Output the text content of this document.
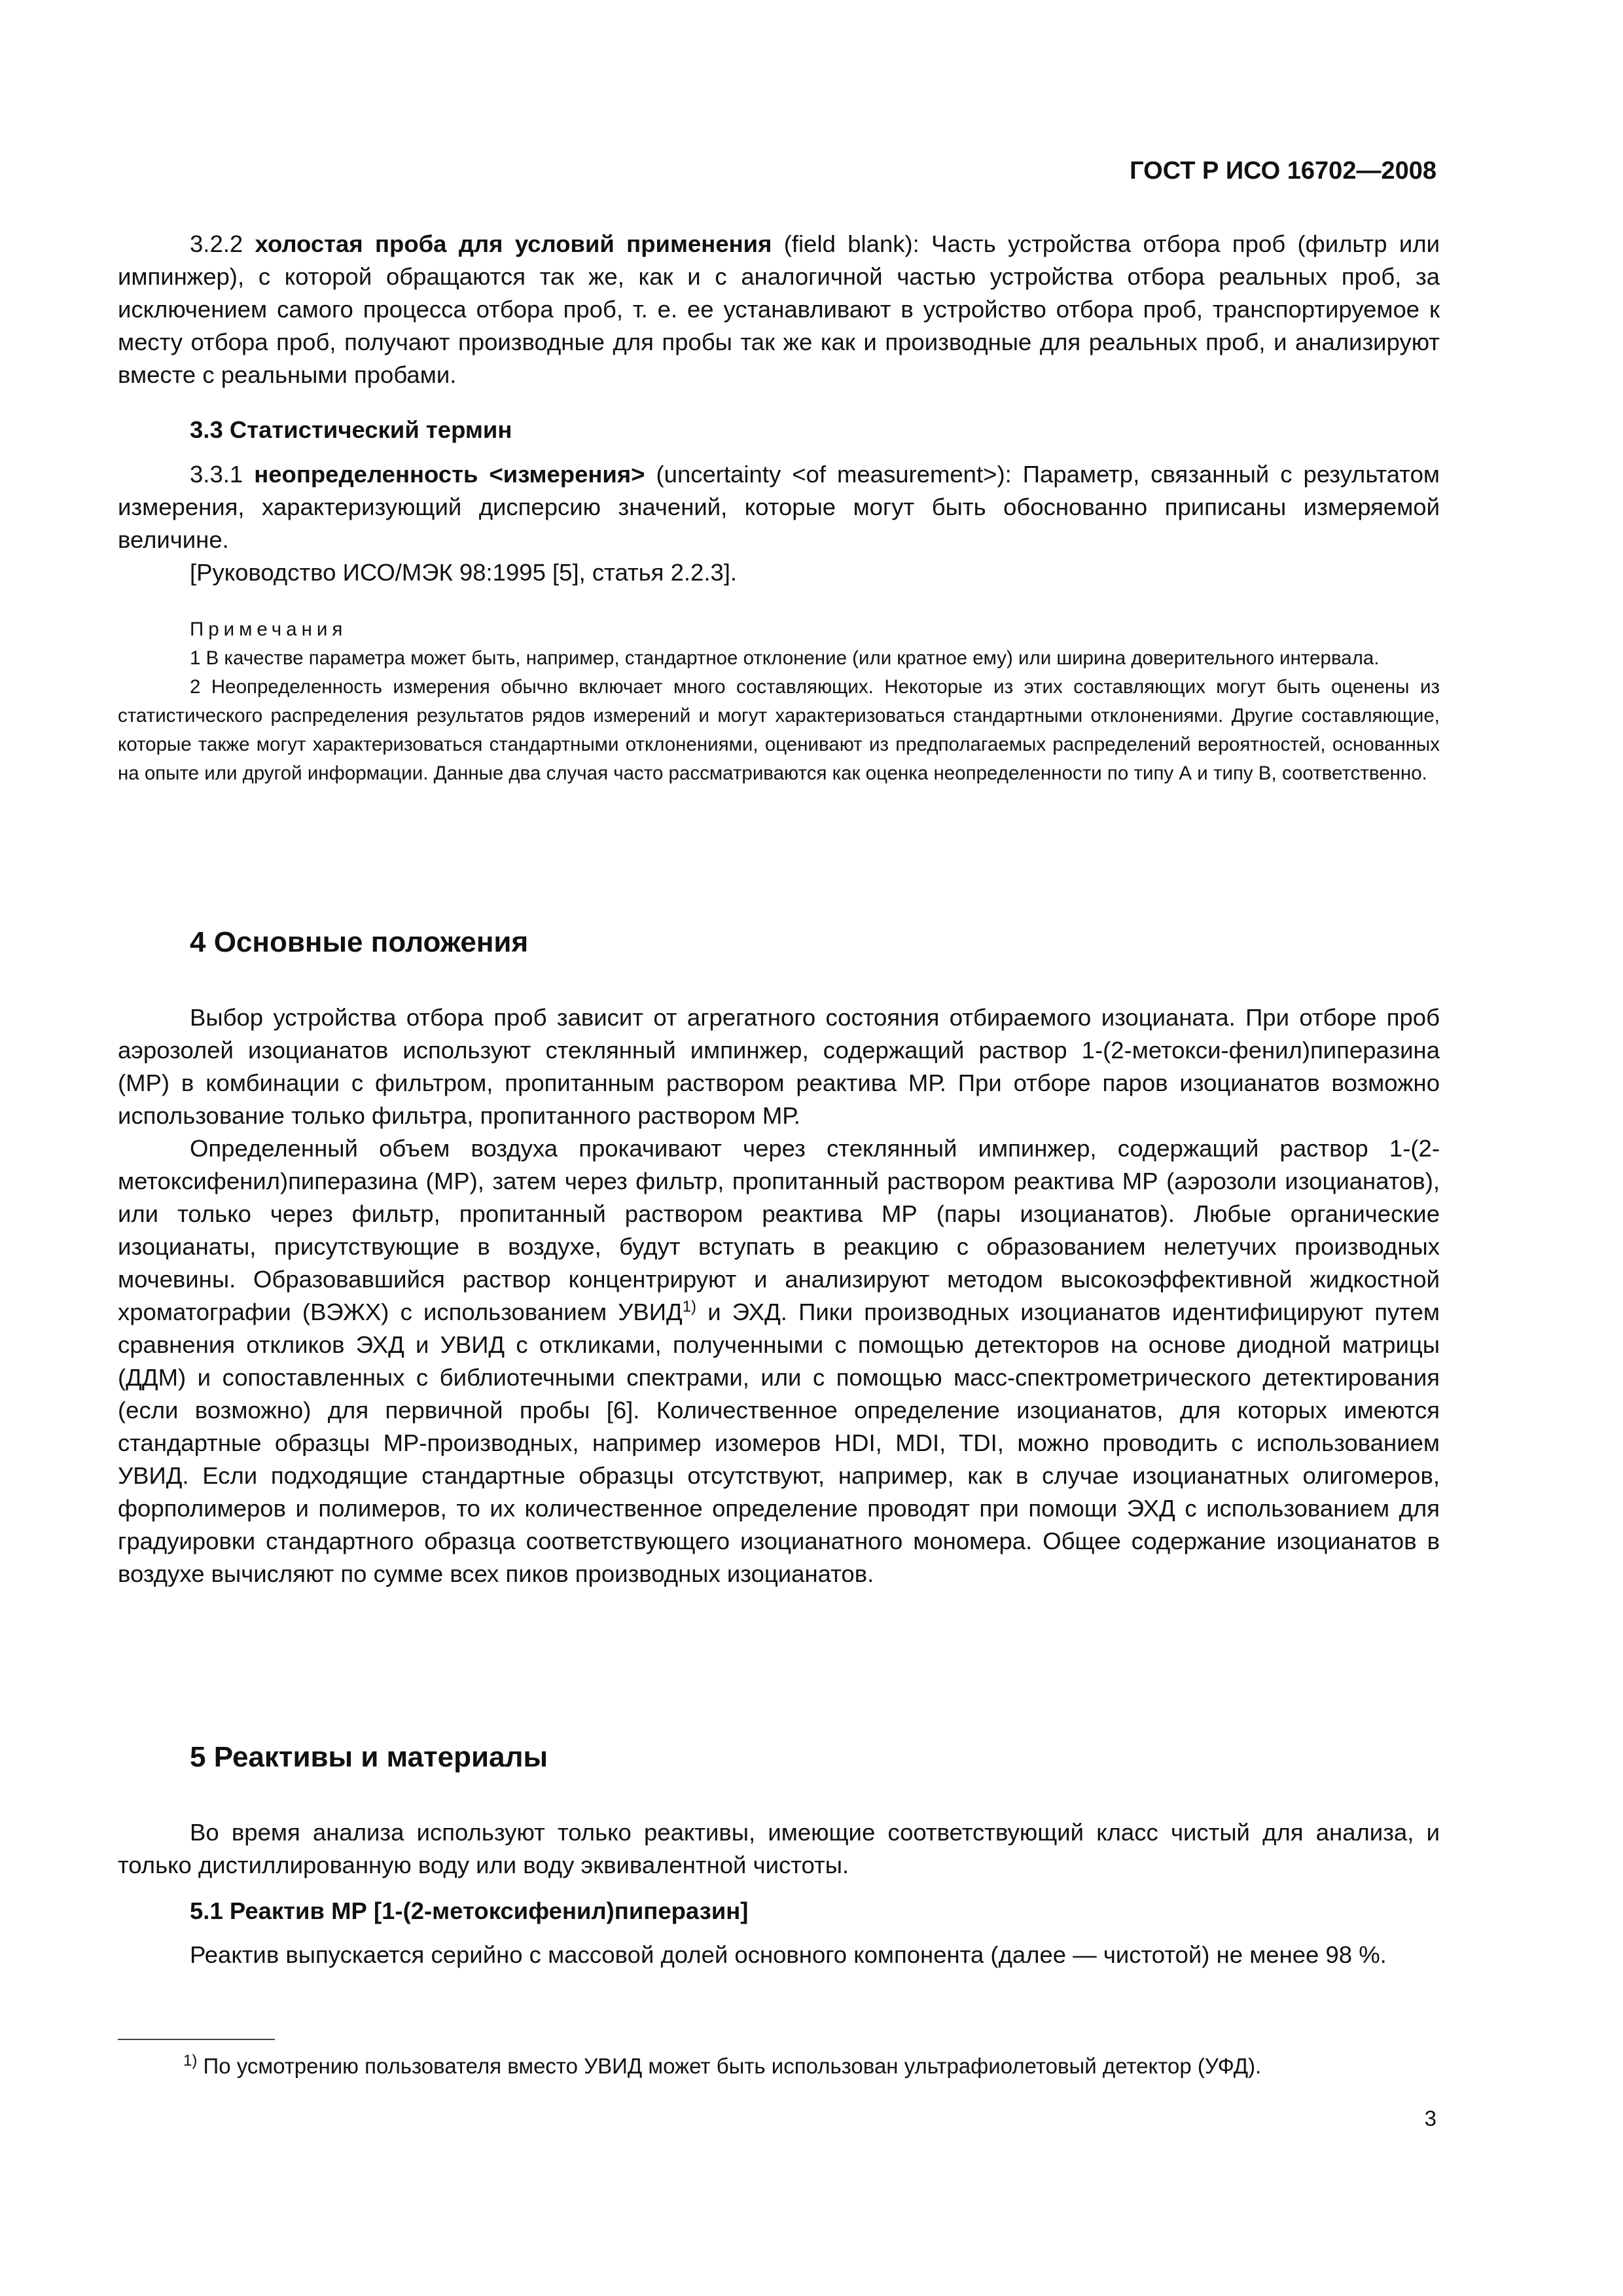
ГОСТ Р ИСО 16702—2008

3.2.2 холостая проба для условий применения (field blank): Часть устройства отбора проб (фильтр или импинжер), с которой обращаются так же, как и с аналогичной частью устройства отбора реальных проб, за исключением самого процесса отбора проб, т. е. ее устанавливают в устройство отбора проб, транспортируемое к месту отбора проб, получают производные для пробы так же как и производные для реальных проб, и анализируют вместе с реальными пробами.

3.3 Статистический термин

3.3.1 неопределенность <измерения> (uncertainty <of measurement>): Параметр, связанный с результатом измерения, характеризующий дисперсию значений, которые могут быть обоснованно приписаны измеряемой величине.

[Руководство ИСО/МЭК 98:1995 [5], статья 2.2.3].

Примечания

1 В качестве параметра может быть, например, стандартное отклонение (или кратное ему) или ширина доверительного интервала.

2 Неопределенность измерения обычно включает много составляющих. Некоторые из этих составляющих могут быть оценены из статистического распределения результатов рядов измерений и могут характеризоваться стандартными отклонениями. Другие составляющие, которые также могут характеризоваться стандартными отклонениями, оценивают из предполагаемых распределений вероятностей, основанных на опыте или другой информации. Данные два случая часто рассматриваются как оценка неопределенности по типу А и типу В, соответственно.

4 Основные положения

Выбор устройства отбора проб зависит от агрегатного состояния отбираемого изоцианата. При отборе проб аэрозолей изоцианатов используют стеклянный импинжер, содержащий раствор 1-(2-метокси-фенил)пиперазина (МР) в комбинации с фильтром, пропитанным раствором реактива МР. При отборе паров изоцианатов возможно использование только фильтра, пропитанного раствором МР.

Определенный объем воздуха прокачивают через стеклянный импинжер, содержащий раствор 1-(2-метоксифенил)пиперазина (МР), затем через фильтр, пропитанный раствором реактива МР (аэрозоли изоцианатов), или только через фильтр, пропитанный раствором реактива МР (пары изоцианатов). Любые органические изоцианаты, присутствующие в воздухе, будут вступать в реакцию с образованием нелетучих производных мочевины. Образовавшийся раствор концентрируют и анализируют методом высокоэффективной жидкостной хроматографии (ВЭЖХ) с использованием УВИД$^{1)}$ и ЭХД. Пики производных изоцианатов идентифицируют путем сравнения откликов ЭХД и УВИД с откликами, полученными с помощью детекторов на основе диодной матрицы (ДДМ) и сопоставленных с библиотечными спектрами, или с помощью масс-спектрометрического детектирования (если возможно) для первичной пробы [6]. Количественное определение изоцианатов, для которых имеются стандартные образцы МР-производных, например изомеров HDI, MDI, TDI, можно проводить с использованием УВИД. Если подходящие стандартные образцы отсутствуют, например, как в случае изоцианатных олигомеров, форполимеров и полимеров, то их количественное определение проводят при помощи ЭХД с использованием для градуировки стандартного образца соответствующего изоцианатного мономера. Общее содержание изоцианатов в воздухе вычисляют по сумме всех пиков производных изоцианатов.

5 Реактивы и материалы

Во время анализа используют только реактивы, имеющие соответствующий класс чистый для анализа, и только дистиллированную воду или воду эквивалентной чистоты.

5.1 Реактив МР [1-(2-метоксифенил)пиперазин]

Реактив выпускается серийно с массовой долей основного компонента (далее — чистотой) не менее 98 %.

$^{1)}$ По усмотрению пользователя вместо УВИД может быть использован ультрафиолетовый детектор (УФД).
3
